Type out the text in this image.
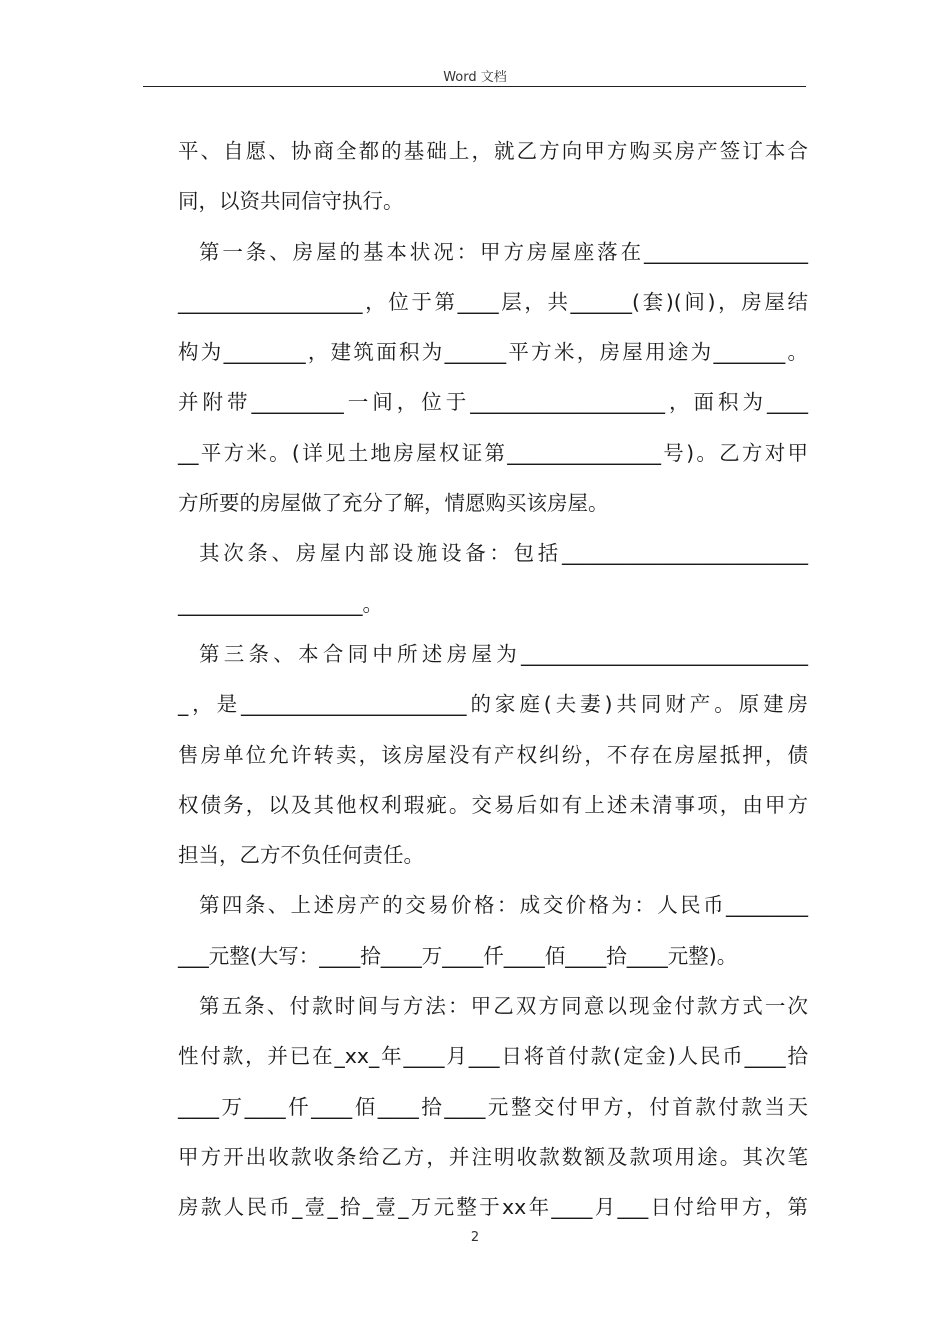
Word 文档
平、自愿、协商全都的基础上，就乙方向甲方购买房产签订本合
同，以资共同信守执行。
第一条、房屋的基本状况：甲方房屋座落在________________
__________________，位于第____层，共______(套)(间)，房屋结
构为________，建筑面积为______平方米，房屋用途为_______。
并附带_________一间，位于___________________，面积为____
__平方米。(详见土地房屋权证第_______________号)。乙方对甲
方所要的房屋做了充分了解，情愿购买该房屋。
其次条、房屋内部设施设备：包括________________________
__________________。
第三条、本合同中所述房屋为____________________________
_，是______________________的家庭(夫妻)共同财产。原建房
售房单位允许转卖，该房屋没有产权纠纷，不存在房屋抵押，债
权债务，以及其他权利瑕疵。交易后如有上述未清事项，由甲方
担当，乙方不负任何责任。
第四条、上述房产的交易价格：成交价格为：人民币________
___元整(大写：____拾____万____仟____佰____拾____元整)。
第五条、付款时间与方法：甲乙双方同意以现金付款方式一次
性付款，并已在_xx_年____月___日将首付款(定金)人民币____拾
____万____仟____佰____拾____元整交付甲方，付首款付款当天
甲方开出收款收条给乙方，并注明收款数额及款项用途。其次笔
房款人民币_壹_拾_壹_万元整于xx年____月___日付给甲方，第
2
